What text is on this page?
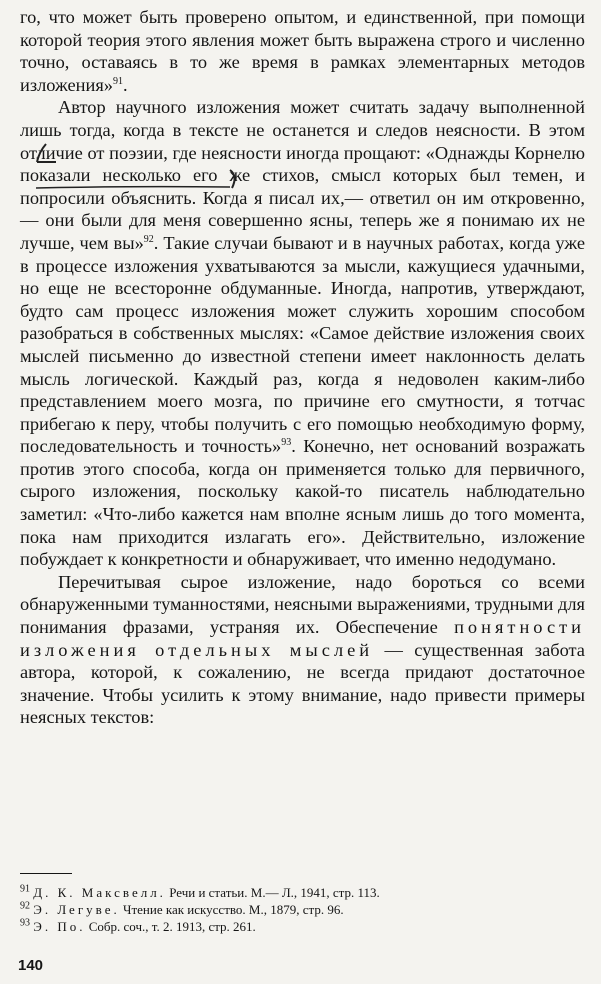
го, что может быть проверено опытом, и единственной, при помощи которой теория этого явления может быть выражена строго и численно точно, оставаясь в то же время в рамках элементарных методов изложения»$^{91}$.

Автор научного изложения может считать задачу выполненной лишь тогда, когда в тексте не останется и следов неясности. В этом отличие от поэзии, где неясности иногда прощают: «Однажды Корнелю показали несколько его же стихов, смысл которых был темен, и попросили объяснить. Когда я писал их,— ответил он им откровенно,— они были для меня совершенно ясны, теперь же я понимаю их не лучше, чем вы»$^{92}$. Такие случаи бывают и в научных работах, когда уже в процессе изложения ухватываются за мысли, кажущиеся удачными, но еще не всесторонне обдуманные. Иногда, напротив, утверждают, будто сам процесс изложения может служить хорошим способом разобраться в собственных мыслях: «Самое действие изложения своих мыслей письменно до известной степени имеет наклонность делать мысль логической. Каждый раз, когда я недоволен каким-либо представлением моего мозга, по причине его смутности, я тотчас прибегаю к перу, чтобы получить с его помощью необходимую форму, последовательность и точность»$^{93}$. Конечно, нет оснований возражать против этого способа, когда он применяется только для первичного, сырого изложения, поскольку какой-то писатель наблюдательно заметил: «Что-либо кажется нам вполне ясным лишь до того момента, пока нам приходится излагать его». Действительно, изложение побуждает к конкретности и обнаруживает, что именно недодумано.

Перечитывая сырое изложение, надо бороться со всеми обнаруженными туманностями, неясными выражениями, трудными для понимания фразами, устраняя их. Обеспечение понятности изложения отдельных мыслей — существенная забота автора, которой, к сожалению, не всегда придают достаточное значение. Чтобы усилить к этому внимание, надо привести примеры неясных текстов:

$^{91}$ Д. К. Максвелл. Речи и статьи. М.— Л., 1941, стр. 113.
$^{92}$ Э. Легуве. Чтение как искусство. М., 1879, стр. 96.
$^{93}$ Э. По. Собр. соч., т. 2. 1913, стр. 261.
140
